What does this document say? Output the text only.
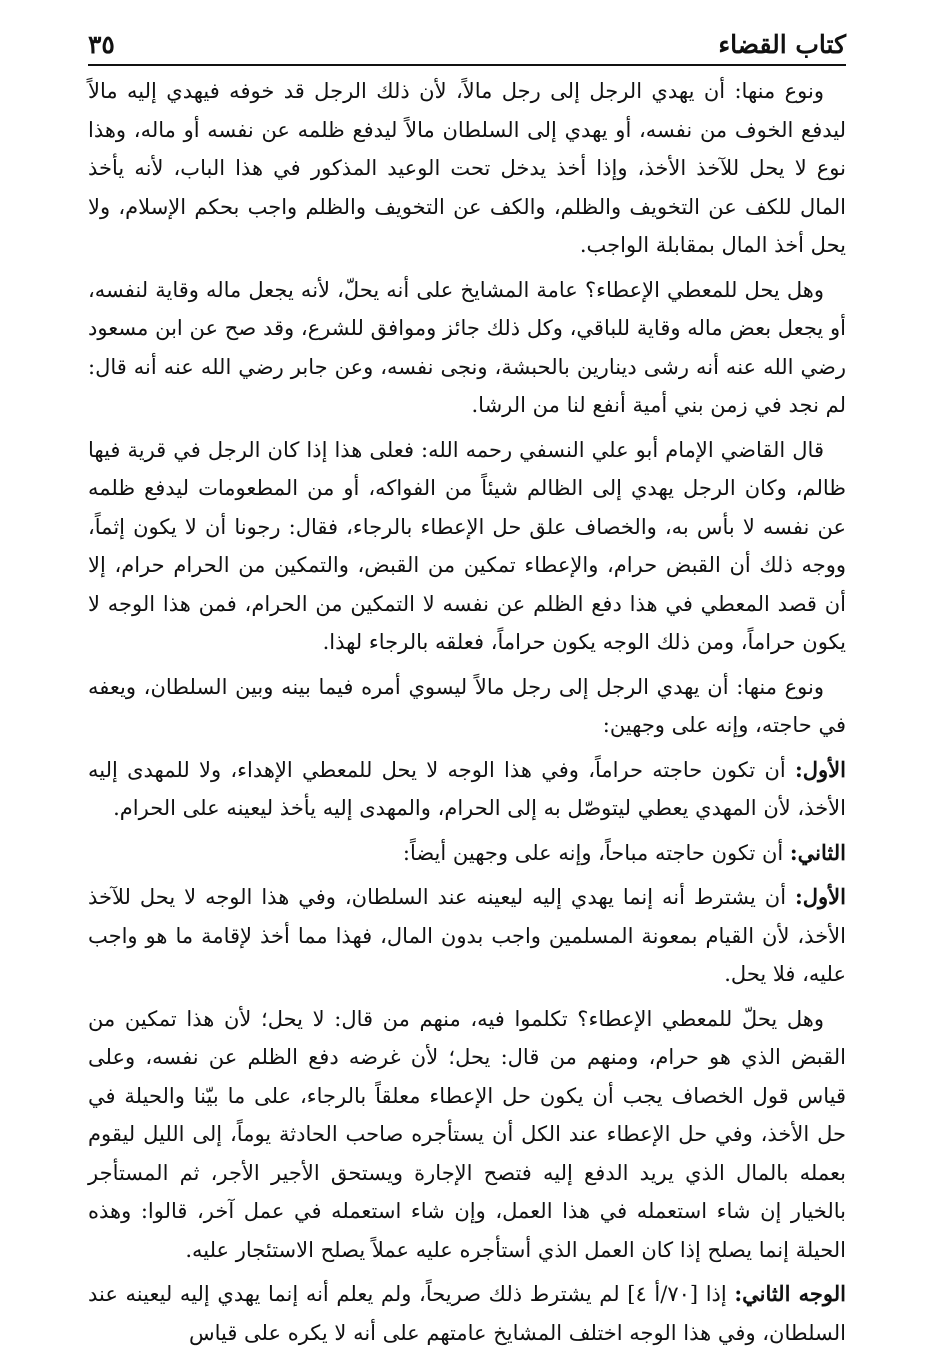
كتاب القضاء
٣٥

ونوع منها: أن يهدي الرجل إلى رجل مالاً، لأن ذلك الرجل قد خوفه فيهدي إليه مالاً ليدفع الخوف من نفسه، أو يهدي إلى السلطان مالاً ليدفع ظلمه عن نفسه أو ماله، وهذا نوع لا يحل للآخذ الأخذ، وإذا أخذ يدخل تحت الوعيد المذكور في هذا الباب، لأنه يأخذ المال للكف عن التخويف والظلم، والكف عن التخويف والظلم واجب بحكم الإسلام، ولا يحل أخذ المال بمقابلة الواجب.

وهل يحل للمعطي الإعطاء؟ عامة المشايخ على أنه يحلّ، لأنه يجعل ماله وقاية لنفسه، أو يجعل بعض ماله وقاية للباقي، وكل ذلك جائز وموافق للشرع، وقد صح عن ابن مسعود رضي الله عنه أنه رشى دينارين بالحبشة، ونجى نفسه، وعن جابر رضي الله عنه أنه قال: لم نجد في زمن بني أمية أنفع لنا من الرشا.

قال القاضي الإمام أبو علي النسفي رحمه الله: فعلى هذا إذا كان الرجل في قرية فيها ظالم، وكان الرجل يهدي إلى الظالم شيئاً من الفواكه، أو من المطعومات ليدفع ظلمه عن نفسه لا بأس به، والخصاف علق حل الإعطاء بالرجاء، فقال: رجونا أن لا يكون إثماً، ووجه ذلك أن القبض حرام، والإعطاء تمكين من القبض، والتمكين من الحرام حرام، إلا أن قصد المعطي في هذا دفع الظلم عن نفسه لا التمكين من الحرام، فمن هذا الوجه لا يكون حراماً، ومن ذلك الوجه يكون حراماً، فعلقه بالرجاء لهذا.

ونوع منها: أن يهدي الرجل إلى رجل مالاً ليسوي أمره فيما بينه وبين السلطان، ويعفه في حاجته، وإنه على وجهين:

الأول: أن تكون حاجته حراماً، وفي هذا الوجه لا يحل للمعطي الإهداء، ولا للمهدى إليه الأخذ، لأن المهدي يعطي ليتوصّل به إلى الحرام، والمهدى إليه يأخذ ليعينه على الحرام.

الثاني: أن تكون حاجته مباحاً، وإنه على وجهين أيضاً:

الأول: أن يشترط أنه إنما يهدي إليه ليعينه عند السلطان، وفي هذا الوجه لا يحل للآخذ الأخذ، لأن القيام بمعونة المسلمين واجب بدون المال، فهذا مما أخذ لإقامة ما هو واجب عليه، فلا يحل.

وهل يحلّ للمعطي الإعطاء؟ تكلموا فيه، منهم من قال: لا يحل؛ لأن هذا تمكين من القبض الذي هو حرام، ومنهم من قال: يحل؛ لأن غرضه دفع الظلم عن نفسه، وعلى قياس قول الخصاف يجب أن يكون حل الإعطاء معلقاً بالرجاء، على ما بيّنا والحيلة في حل الأخذ، وفي حل الإعطاء عند الكل أن يستأجره صاحب الحادثة يوماً، إلى الليل ليقوم بعمله بالمال الذي يريد الدفع إليه فتصح الإجارة ويستحق الأجير الأجر، ثم المستأجر بالخيار إن شاء استعمله في هذا العمل، وإن شاء استعمله في عمل آخر، قالوا: وهذه الحيلة إنما يصلح إذا كان العمل الذي أستأجره عليه عملاً يصلح الاستئجار عليه.

الوجه الثاني: إذا [٧٠/أ ٤] لم يشترط ذلك صريحاً، ولم يعلم أنه إنما يهدي إليه ليعينه عند السلطان، وفي هذا الوجه اختلف المشايخ عامتهم على أنه لا يكره على قياس
